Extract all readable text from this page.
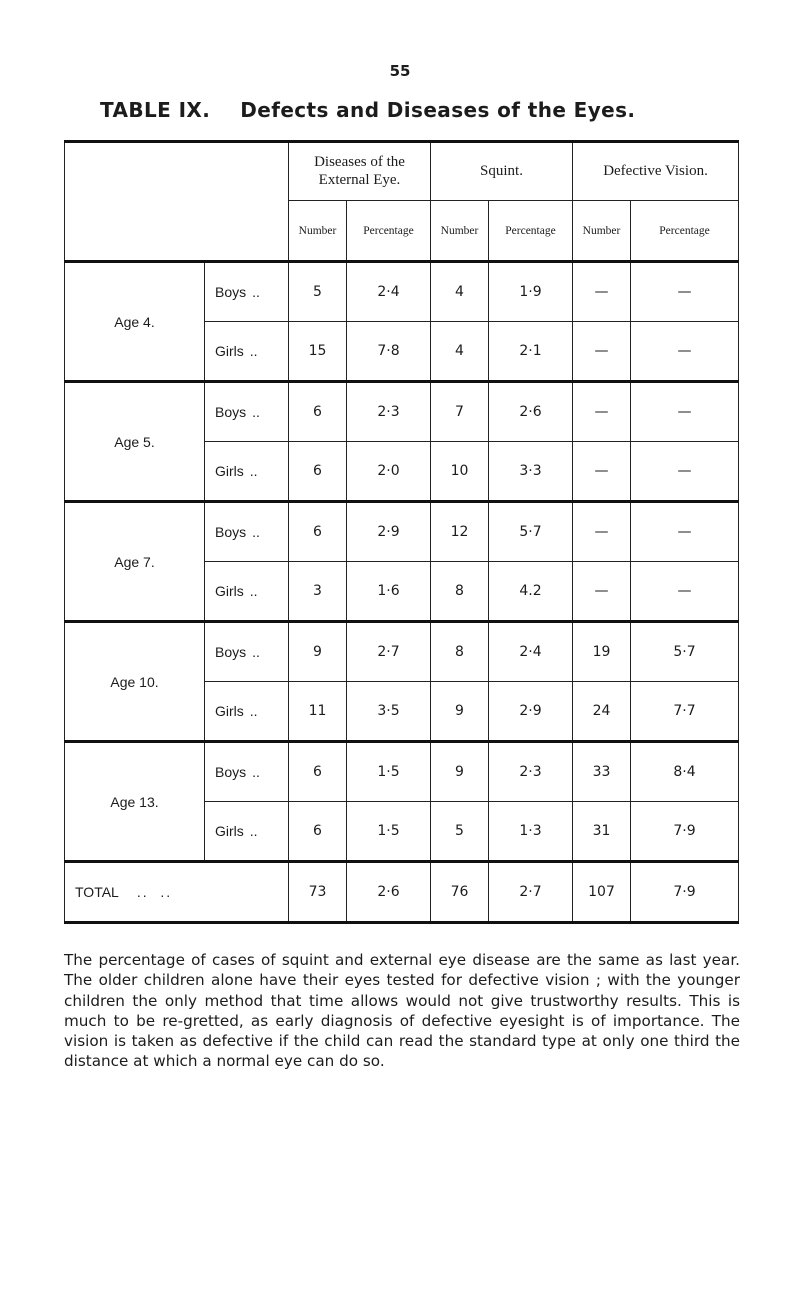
55
TABLE IX. Defects and Diseases of the Eyes.
		Diseases of the External Eye.		Squint.		Defective Vision.	
		Number	Percentage	Number	Percentage	Number	Percentage
Age 4.	Boys ..	5	2·4	4	1·9	—	—
	Girls ..	15	7·8	4	2·1	—	—
Age 5.	Boys ..	6	2·3	7	2·6	—	—
	Girls ..	6	2·0	10	3·3	—	—
Age 7.	Boys ..	6	2·9	12	5·7	—	—
	Girls ..	3	1·6	8	4.2	—	—
Age 10.	Boys ..	9	2·7	8	2·4	19	5·7
	Girls ..	11	3·5	9	2·9	24	7·7
Age 13.	Boys ..	6	1·5	9	2·3	33	8·4
	Girls ..	6	1·5	5	1·3	31	7·9
TOTAL ..  ..		73	2·6	76	2·7	107	7·9

The percentage of cases of squint and external eye disease are the same as last year. The older children alone have their eyes tested for defective vision ; with the younger children the only method that time allows would not give trustworthy results. This is much to be re-gretted, as early diagnosis of defective eyesight is of importance. The vision is taken as defective if the child can read the standard type at only one third the distance at which a normal eye can do so.
